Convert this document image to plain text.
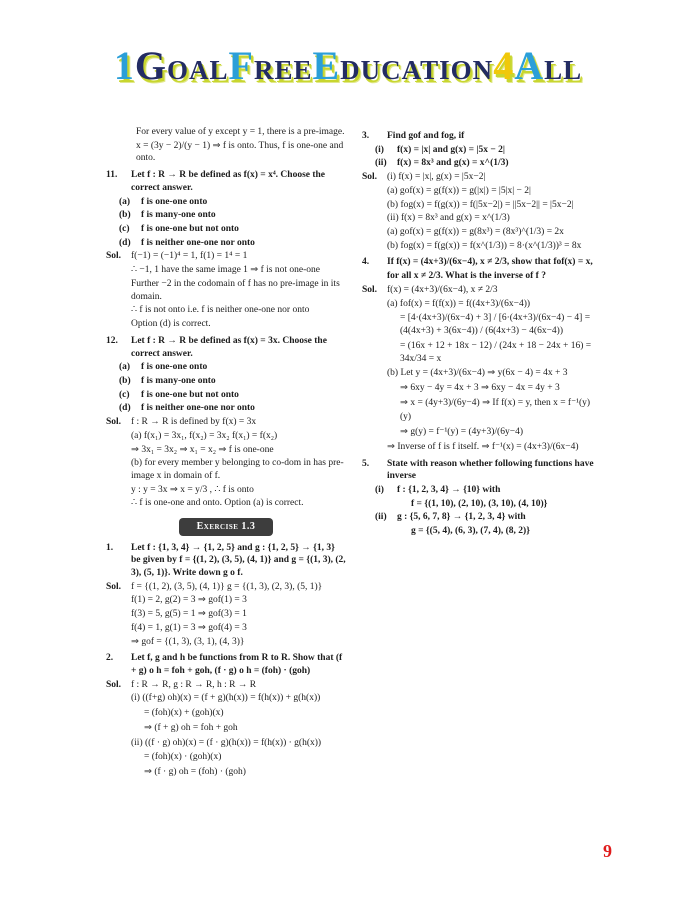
1GOALFREEEDUCATION4ALL
For every value of y except y = 1, there is a pre-image.
x = (3y − 2)/(y − 1) ⇒ f is onto. Thus, f is one-one and onto.
11.	Let f : R → R be defined as f(x) = x⁴. Choose the correct answer.
(a)	f is one-one onto
(b)	f is many-one onto
(c)	f is one-one but not onto
(d)	f is neither one-one nor onto
Sol.	f(−1) = (−1)⁴ = 1, f(1) = 1⁴ = 1
∴ −1, 1 have the same image 1 ⇒ f is not one-one
Further −2 in the codomain of f has no pre-image in its domain.
∴ f is not onto i.e. f is neither one-one nor onto
Option (d) is correct.
12.	Let f : R → R be defined as f(x) = 3x. Choose the correct answer.
(a)	f is one-one onto
(b)	f is many-one onto
(c)	f is one-one but not onto
(d)	f is neither one-one nor onto
Sol.	f : R → R is defined by f(x) = 3x
(a) f(x₁) = 3x₁, f(x₂) = 3x₂ f(x₁) = f(x₂)
⇒ 3x₁ = 3x₂ ⇒ x₁ = x₂ ⇒ f is one-one
(b) for every member y belonging to co-dom in has pre-image x in domain of f.
y : y = 3x ⇒ x = y/3 , ∴ f is onto
∴ f is one-one and onto. Option (a) is correct.
Exercise 1.3
1.	Let f : {1, 3, 4} → {1, 2, 5} and g : {1, 2, 5} → {1, 3} be given by f = {(1, 2), (3, 5), (4, 1)} and g = {(1, 3), (2, 3), (5, 1)}. Write down g o f.
Sol.	f = {(1, 2), (3, 5), (4, 1)} g = {(1, 3), (2, 3), (5, 1)}
f(1) = 2, g(2) = 3 ⇒ gof(1) = 3
f(3) = 5, g(5) = 1 ⇒ gof(3) = 1
f(4) = 1, g(1) = 3 ⇒ gof(4) = 3
⇒ gof = {(1, 3), (3, 1), (4, 3)}
2.	Let f, g and h be functions from R to R. Show that (f + g) o h = foh + goh, (f · g) o h = (foh) · (goh)
Sol.	f : R → R, g : R → R, h : R → R
(i) ((f+g) oh)(x) = (f + g)(h(x)) = f(h(x)) + g(h(x))
= (foh)(x) + (goh)(x)
⇒ (f + g) oh = foh + goh
(ii) ((f · g) oh)(x) = (f · g)(h(x)) = f(h(x)) · g(h(x))
= (foh)(x) · (goh)(x)
⇒ (f · g) oh = (foh) · (goh)
3.	Find gof and fog, if
(i)	f(x) = |x| and g(x) = |5x − 2|
(ii)	f(x) = 8x³ and g(x) = x^(1/3)
Sol.	(i) f(x) = |x|, g(x) = |5x−2|
(a) gof(x) = g(f(x)) = g(|x|) = |5|x| − 2|
(b) fog(x) = f(g(x)) = f(|5x−2|) = ||5x−2|| = |5x−2|
(ii) f(x) = 8x³ and g(x) = x^(1/3)
(a) gof(x) = g(f(x)) = g(8x³) = (8x³)^(1/3) = 2x
(b) fog(x) = f(g(x)) = f(x^(1/3)) = 8·(x^(1/3))³ = 8x
4.	If f(x) = (4x+3)/(6x−4), x ≠ 2/3, show that fof(x) = x,
for all x ≠ 2/3. What is the inverse of f ?
Sol.	f(x) = (4x+3)/(6x−4), x ≠ 2/3
(a) fof(x) = f(f(x)) = f((4x+3)/(6x−4))
= [4·(4x+3)/(6x−4) + 3] / [6·(4x+3)/(6x−4) − 4] = (4(4x+3) + 3(6x−4)) / (6(4x+3) − 4(6x−4))
= (16x + 12 + 18x − 12) / (24x + 18 − 24x + 16) = 34x/34 = x
(b) Let y = (4x+3)/(6x−4) ⇒ y(6x − 4) = 4x + 3
⇒ 6xy − 4y = 4x + 3 ⇒ 6xy − 4x = 4y + 3
⇒ x = (4y+3)/(6y−4) ⇒ If f(x) = y, then x = f⁻¹(y)
(y)
⇒ g(y) = f⁻¹(y) = (4y+3)/(6y−4)
⇒ Inverse of f is f itself. ⇒ f⁻¹(x) = (4x+3)/(6x−4)
5.	State with reason whether following functions have inverse
(i)	f : {1, 2, 3, 4} → {10} with
f = {(1, 10), (2, 10), (3, 10), (4, 10)}
(ii)	g : {5, 6, 7, 8} → {1, 2, 3, 4} with
g = {(5, 4), (6, 3), (7, 4), (8, 2)}
9
